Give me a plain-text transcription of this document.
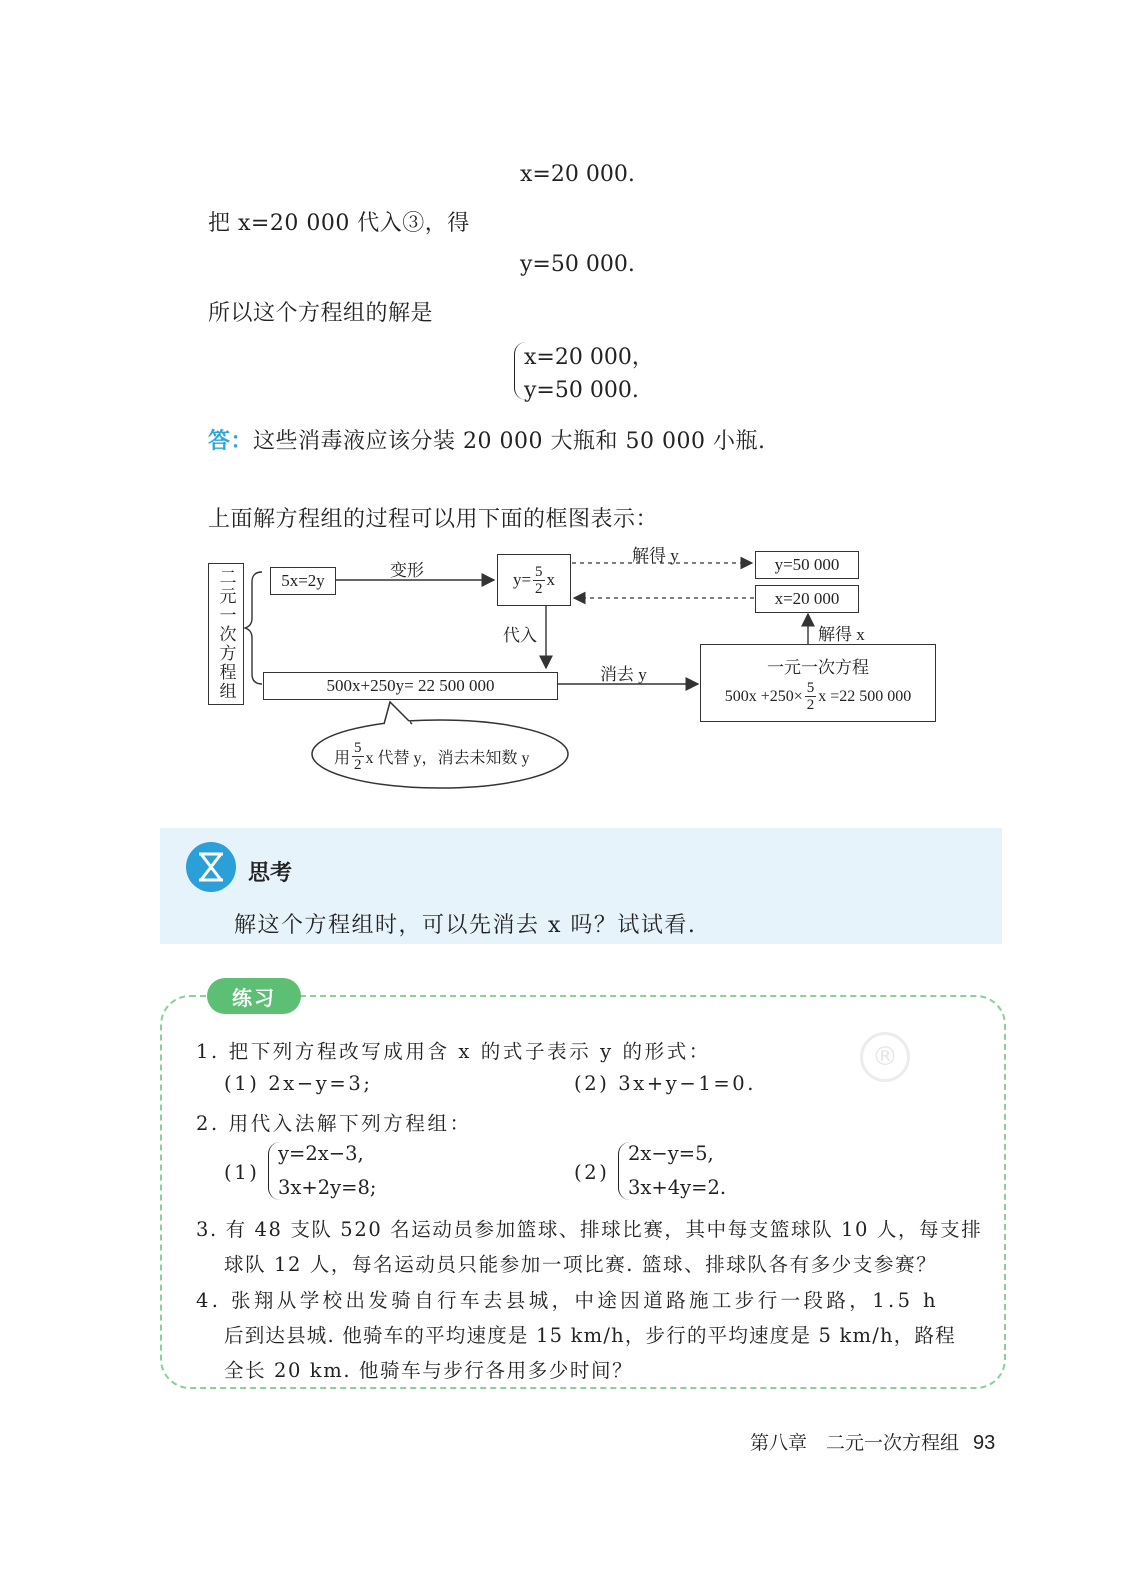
x=20 000.
把 x=20 000 代入③，得
y=50 000.
所以这个方程组的解是
x=20 000，
y=50 000.
答：这些消毒液应该分装 20 000 大瓶和 50 000 小瓶.
上面解方程组的过程可以用下面的框图表示：
二元一次方程组	5x=2y
变形	$y= \frac{5}{2}$ x
解得 y	y=50 000
x=20 000
代入	解得 x
500x+250y= 22 500 000
消去 y	一元一次方程
$500x +250\times \frac{5}{2}$ x =22 500 000
用 $\frac{5}{2}$ x 代替 y，消去未知数 y
思考
解这个方程组时，可以先消去 x 吗？试试看.
®
练习
1. 把下列方程改写成用含 x 的式子表示 y 的形式：
(1) 2x−y=3;	(2) 3x+y−1=0.
2. 用代入法解下列方程组：
(1)
y=2x−3,
3x+2y=8;
(2)
2x−y=5,
3x+4y=2.
3. 有 48 支队 520 名运动员参加篮球、排球比赛，其中每支篮球队 10 人，每支排
球队 12 人，每名运动员只能参加一项比赛. 篮球、排球队各有多少支参赛？
4. 张翔从学校出发骑自行车去县城，中途因道路施工步行一段路，1.5 h
后到达县城. 他骑车的平均速度是 15 km/h，步行的平均速度是 5 km/h，路程
全长 20 km. 他骑车与步行各用多少时间？
第八章　二元一次方程组 93
